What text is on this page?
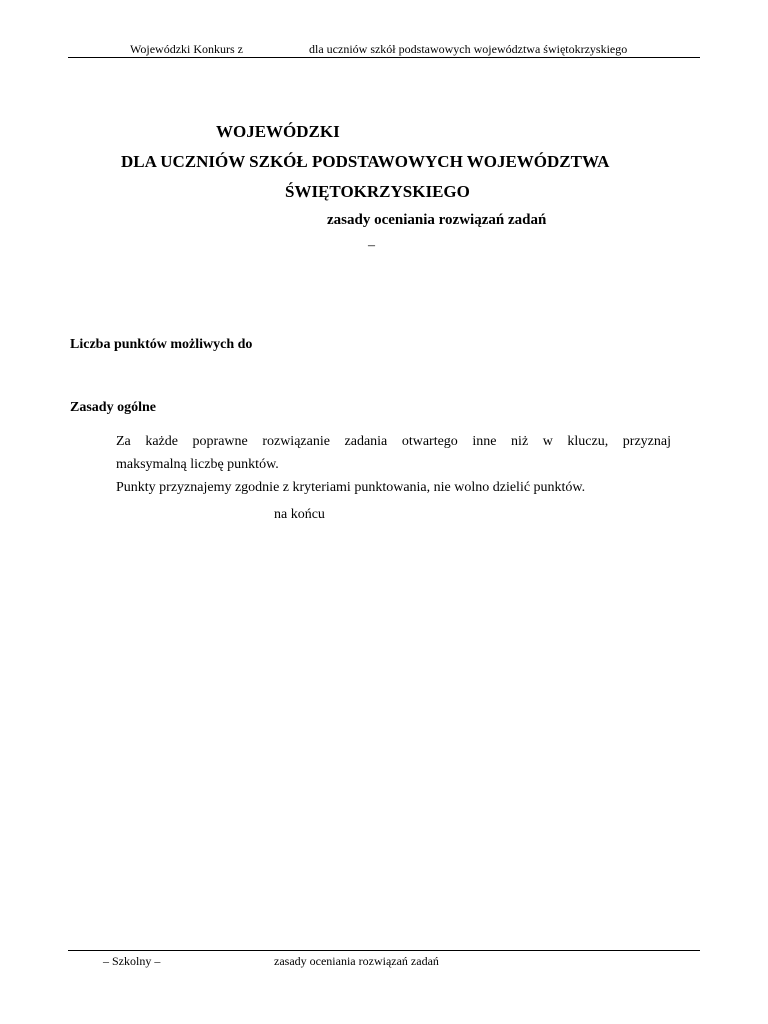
Wojewódzki Konkurs z	dla uczniów szkół podstawowych województwa świętokrzyskiego
WOJEWÓDZKI
DLA UCZNIÓW SZKÓŁ PODSTAWOWYCH WOJEWÓDZTWA
ŚWIĘTOKRZYSKIEGO
zasady oceniania rozwiązań zadań
–
Liczba punktów możliwych do
Zasady ogólne
Za każde poprawne rozwiązanie zadania otwartego inne niż w kluczu, przyznaj
maksymalną liczbę punktów.
Punkty przyznajemy zgodnie z kryteriami punktowania, nie wolno dzielić punktów.
na końcu
– Szkolny –	zasady oceniania rozwiązań zadań
